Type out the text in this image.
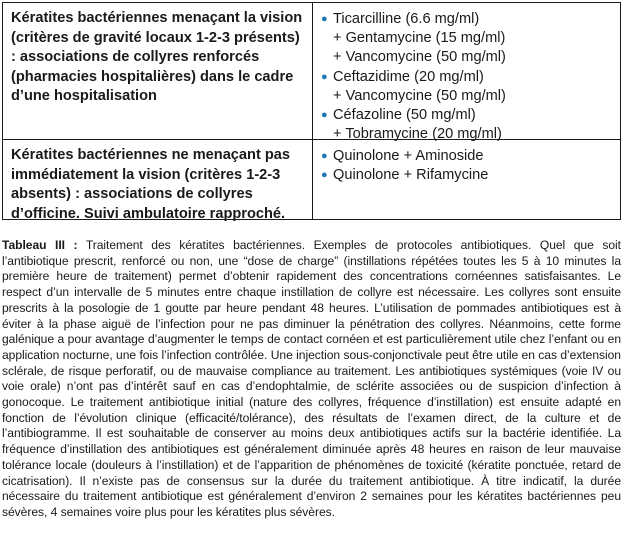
Kératites bactériennes menaçant la vision (critères de gravité locaux 1-2-3 présents) : associations de collyres renforcés (pharmacies hospitalières) dans le cadre d’une hospitalisation
● Ticarcilline (6.6 mg/ml)
+ Gentamycine (15 mg/ml)
+ Vancomycine (50 mg/ml)
● Ceftazidime (20 mg/ml)
+ Vancomycine (50 mg/ml)
● Céfazoline (50 mg/ml)
+ Tobramycine (20 mg/ml)
Kératites bactériennes ne menaçant pas immédiatement la vision (critères 1-2-3 absents) : associations de collyres d’officine. Suivi ambulatoire rapproché.
● Quinolone + Aminoside
● Quinolone + Rifamycine
Tableau III : Traitement des kératites bactériennes. Exemples de protocoles antibiotiques. Quel que soit l’antibiotique prescrit, renforcé ou non, une “dose de charge” (instillations répétées toutes les 5 à 10 minutes la première heure de traitement) permet d’obtenir rapidement des concentrations cornéennes satisfaisantes. Le respect d’un intervalle de 5 minutes entre chaque instillation de collyre est nécessaire. Les collyres sont ensuite prescrits à la posologie de 1 goutte par heure pendant 48 heures. L’utilisation de pommades antibiotiques est à éviter à la phase aiguë de l’infection pour ne pas diminuer la pénétration des collyres. Néanmoins, cette forme galénique a pour avantage d’augmenter le temps de contact cornéen et est particulièrement utile chez l’enfant ou en application nocturne, une fois l’infection contrôlée. Une injection sous-conjonctivale peut être utile en cas d’extension sclérale, de risque perforatif, ou de mauvaise compliance au traitement. Les antibiotiques systémiques (voie IV ou voie orale) n’ont pas d’intérêt sauf en cas d’endophtalmie, de sclérite associées ou de suspicion d’infection à gonocoque. Le traitement antibiotique initial (nature des collyres, fréquence d’instillation) est ensuite adapté en fonction de l’évolution clinique (efficacité/tolérance), des résultats de l’examen direct, de la culture et de l’antibiogramme. Il est souhaitable de conserver au moins deux antibiotiques actifs sur la bactérie identifiée. La fréquence d’instillation des antibiotiques est généralement diminuée après 48 heures en raison de leur mauvaise tolérance locale (douleurs à l’instillation) et de l’apparition de phénomènes de toxicité (kératite ponctuée, retard de cicatrisation). Il n’existe pas de consensus sur la durée du traitement antibiotique. À titre indicatif, la durée nécessaire du traitement antibiotique est généralement d’environ 2 semaines pour les kératites bactériennes peu sévères, 4 semaines voire plus pour les kératites plus sévères.
